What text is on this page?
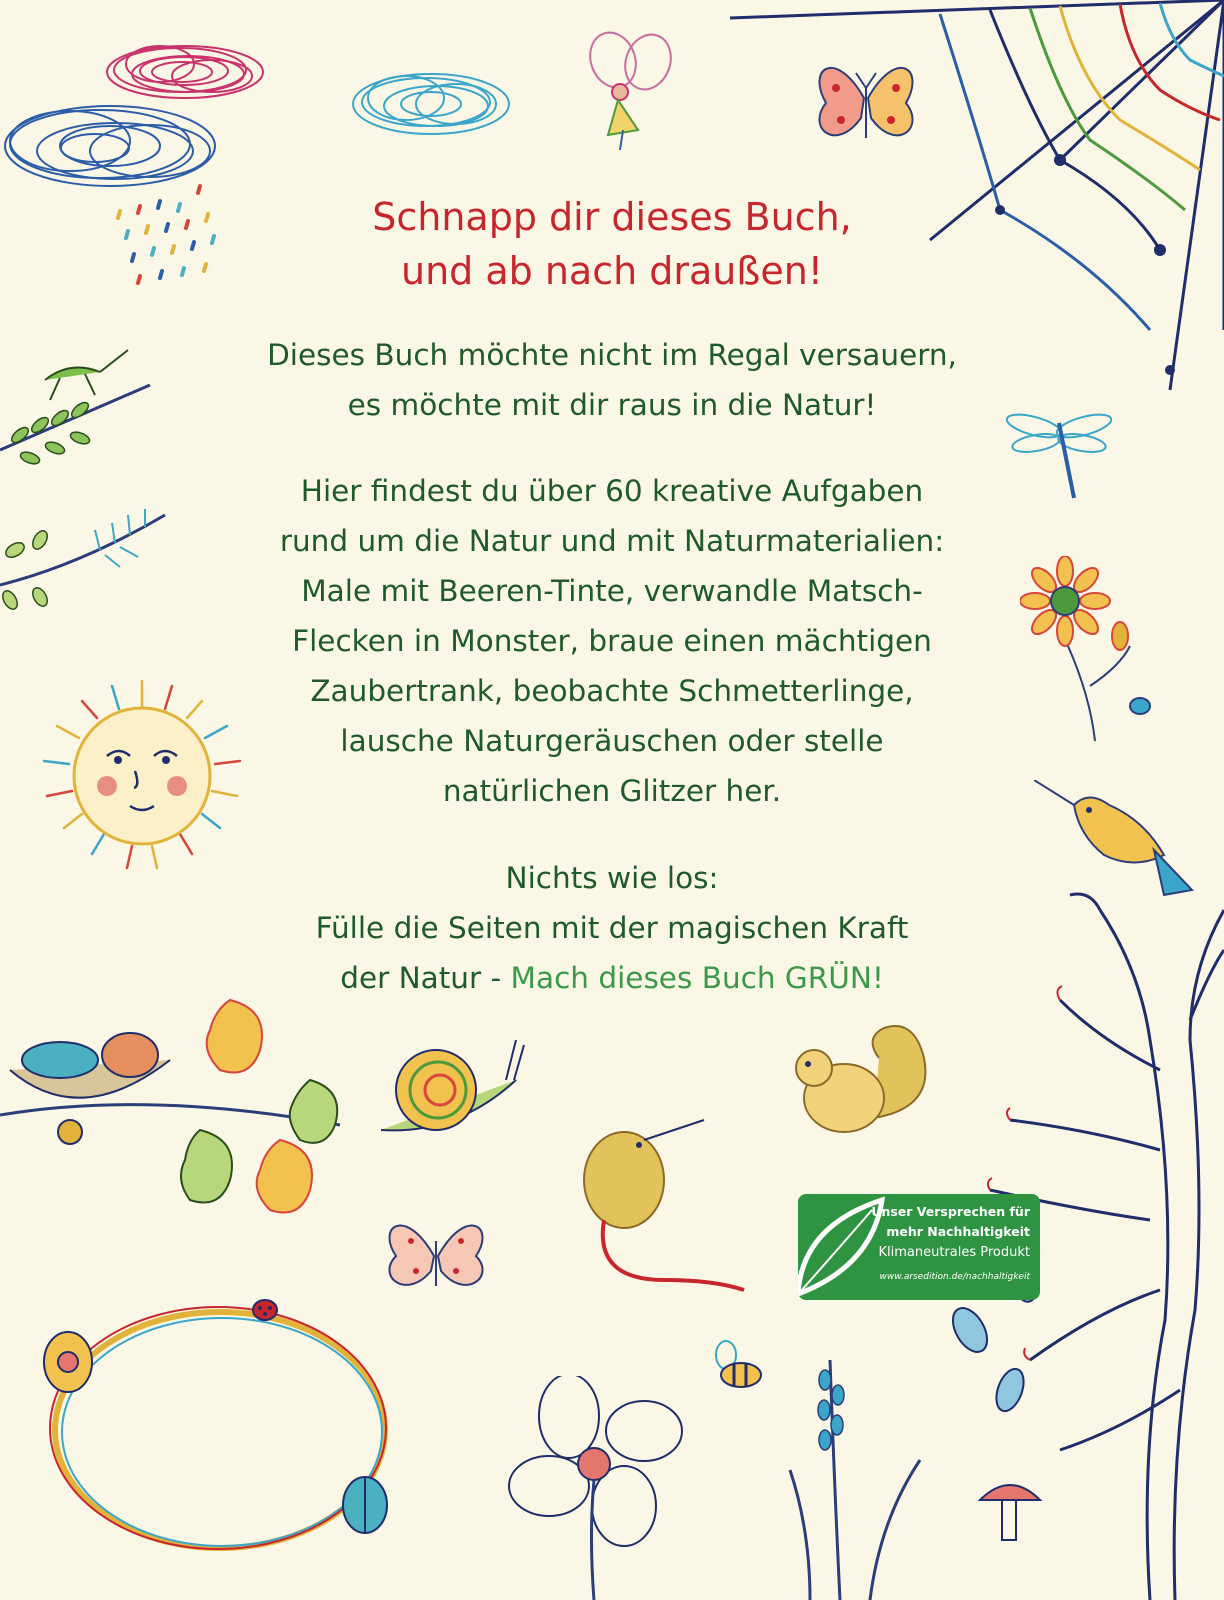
Schnapp dir dieses Buch,
und ab nach draußen!

Dieses Buch möchte nicht im Regal versauern,
es möchte mit dir raus in die Natur!

Hier findest du über 60 kreative Aufgaben
rund um die Natur und mit Naturmaterialien:
Male mit Beeren-Tinte, verwandle Matsch-
Flecken in Monster, braue einen mächtigen
Zaubertrank, beobachte Schmetterlinge,
lausche Naturgeräuschen oder stelle
natürlichen Glitzer her.

Nichts wie los:
Fülle die Seiten mit der magischen Kraft
der Natur - Mach dieses Buch GRÜN!

Unser Versprechen für
mehr Nachhaltigkeit
Klimaneutrales Produkt
www.arsedition.de/nachhaltigkeit
